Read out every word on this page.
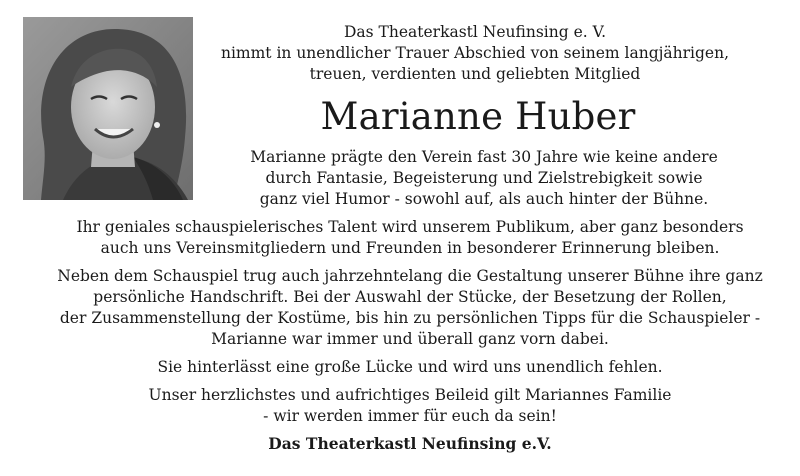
Das Theaterkastl Neufinsing e. V.
nimmt in unendlicher Trauer Abschied von seinem langjährigen,
treuen, verdienten und geliebten Mitglied
Marianne Huber
Marianne prägte den Verein fast 30 Jahre wie keine andere
durch Fantasie, Begeisterung und Zielstrebigkeit sowie
ganz viel Humor - sowohl auf, als auch hinter der Bühne.
Ihr geniales schauspielerisches Talent wird unserem Publikum, aber ganz besonders
auch uns Vereinsmitgliedern und Freunden in besonderer Erinnerung bleiben.
Neben dem Schauspiel trug auch jahrzehntelang die Gestaltung unserer Bühne ihre ganz
persönliche Handschrift. Bei der Auswahl der Stücke, der Besetzung der Rollen,
der Zusammenstellung der Kostüme, bis hin zu persönlichen Tipps für die Schauspieler -
Marianne war immer und überall ganz vorn dabei.
Sie hinterlässt eine große Lücke und wird uns unendlich fehlen.
Unser herzlichstes und aufrichtiges Beileid gilt Mariannes Familie
- wir werden immer für euch da sein!
Das Theaterkastl Neufinsing e.V.
